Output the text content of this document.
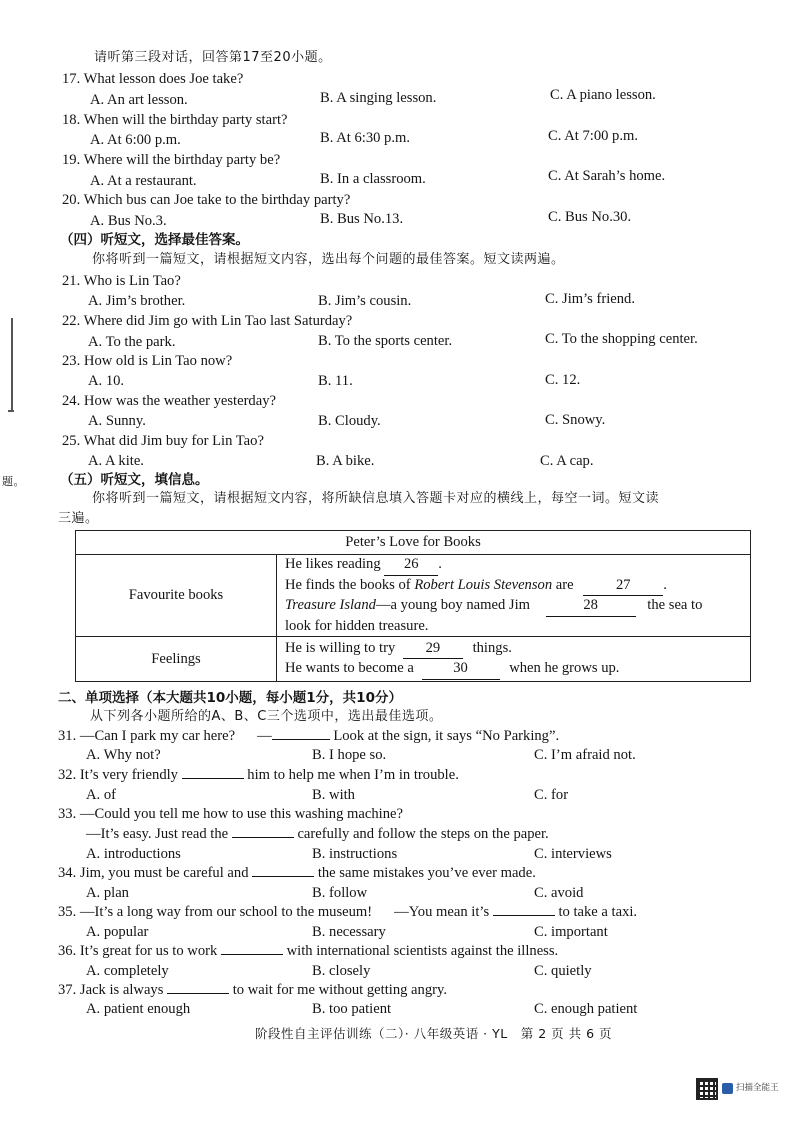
题。
请听第三段对话，回答第17至20小题。
17. What lesson does Joe take?
A. An art lesson.	B. A singing lesson.	C. A piano lesson.
18. When will the birthday party start?
A. At 6:00 p.m.	B. At 6:30 p.m.	C. At 7:00 p.m.
19. Where will the birthday party be?
A. At a restaurant.	B. In a classroom.	C. At Sarah’s home.
20. Which bus can Joe take to the birthday party?
A. Bus No.3.	B. Bus No.13.	C. Bus No.30.
（四）听短文，选择最佳答案。
你将听到一篇短文，请根据短文内容，选出每个问题的最佳答案。短文读两遍。
21. Who is Lin Tao?
A. Jim’s brother.	B. Jim’s cousin.	C. Jim’s friend.
22. Where did Jim go with Lin Tao last Saturday?
A. To the park.	B. To the sports center.	C. To the shopping center.
23. How old is Lin Tao now?
A. 10.	B. 11.	C. 12.
24. How was the weather yesterday?
A. Sunny.	B. Cloudy.	C. Snowy.
25. What did Jim buy for Lin Tao?
A. A kite.	B. A bike.	C. A cap.
（五）听短文，填信息。
你将听到一篇短文，请根据短文内容，将所缺信息填入答题卡对应的横线上，每空一词。短文读
三遍。
Peter’s Love for Books	
Favourite books	He likes reading 26 .
He finds the books of Robert Louis Stevenson are 27 .
Treasure Island—a young boy named Jim 28 the sea to
look for hidden treasure.

Feelings	He is willing to try 29 things.
He wants to become a 30 when he grows up.
二、单项选择（本大题共10小题，每小题1分，共10分）
从下列各小题所给的A、B、C三个选项中，选出最佳选项。
31. —Can I park my car here? —	Look at the sign, it says “No Parking”.
A. Why not?	B. I hope so.	C. I’m afraid not.
32. It’s very friendly	him to help me when I’m in trouble.
A. of	B. with	C. for
33. —Could you tell me how to use this washing machine?
—It’s easy. Just read the	carefully and follow the steps on the paper.
A. introductions	B. instructions	C. interviews
34. Jim, you must be careful and	the same mistakes you’ve ever made.
A. plan	B. follow	C. avoid
35. —It’s a long way from our school to the museum! —You mean it’s	to take a taxi.
A. popular	B. necessary	C. important
36. It’s great for us to work	with international scientists against the illness.
A. completely	B. closely	C. quietly
37. Jack is always	to wait for me without getting angry.
A. patient enough	B. too patient	C. enough patient
阶段性自主评估训练（二）· 八年级英语 · YL　第 2 页 共 6 页
扫描全能王
